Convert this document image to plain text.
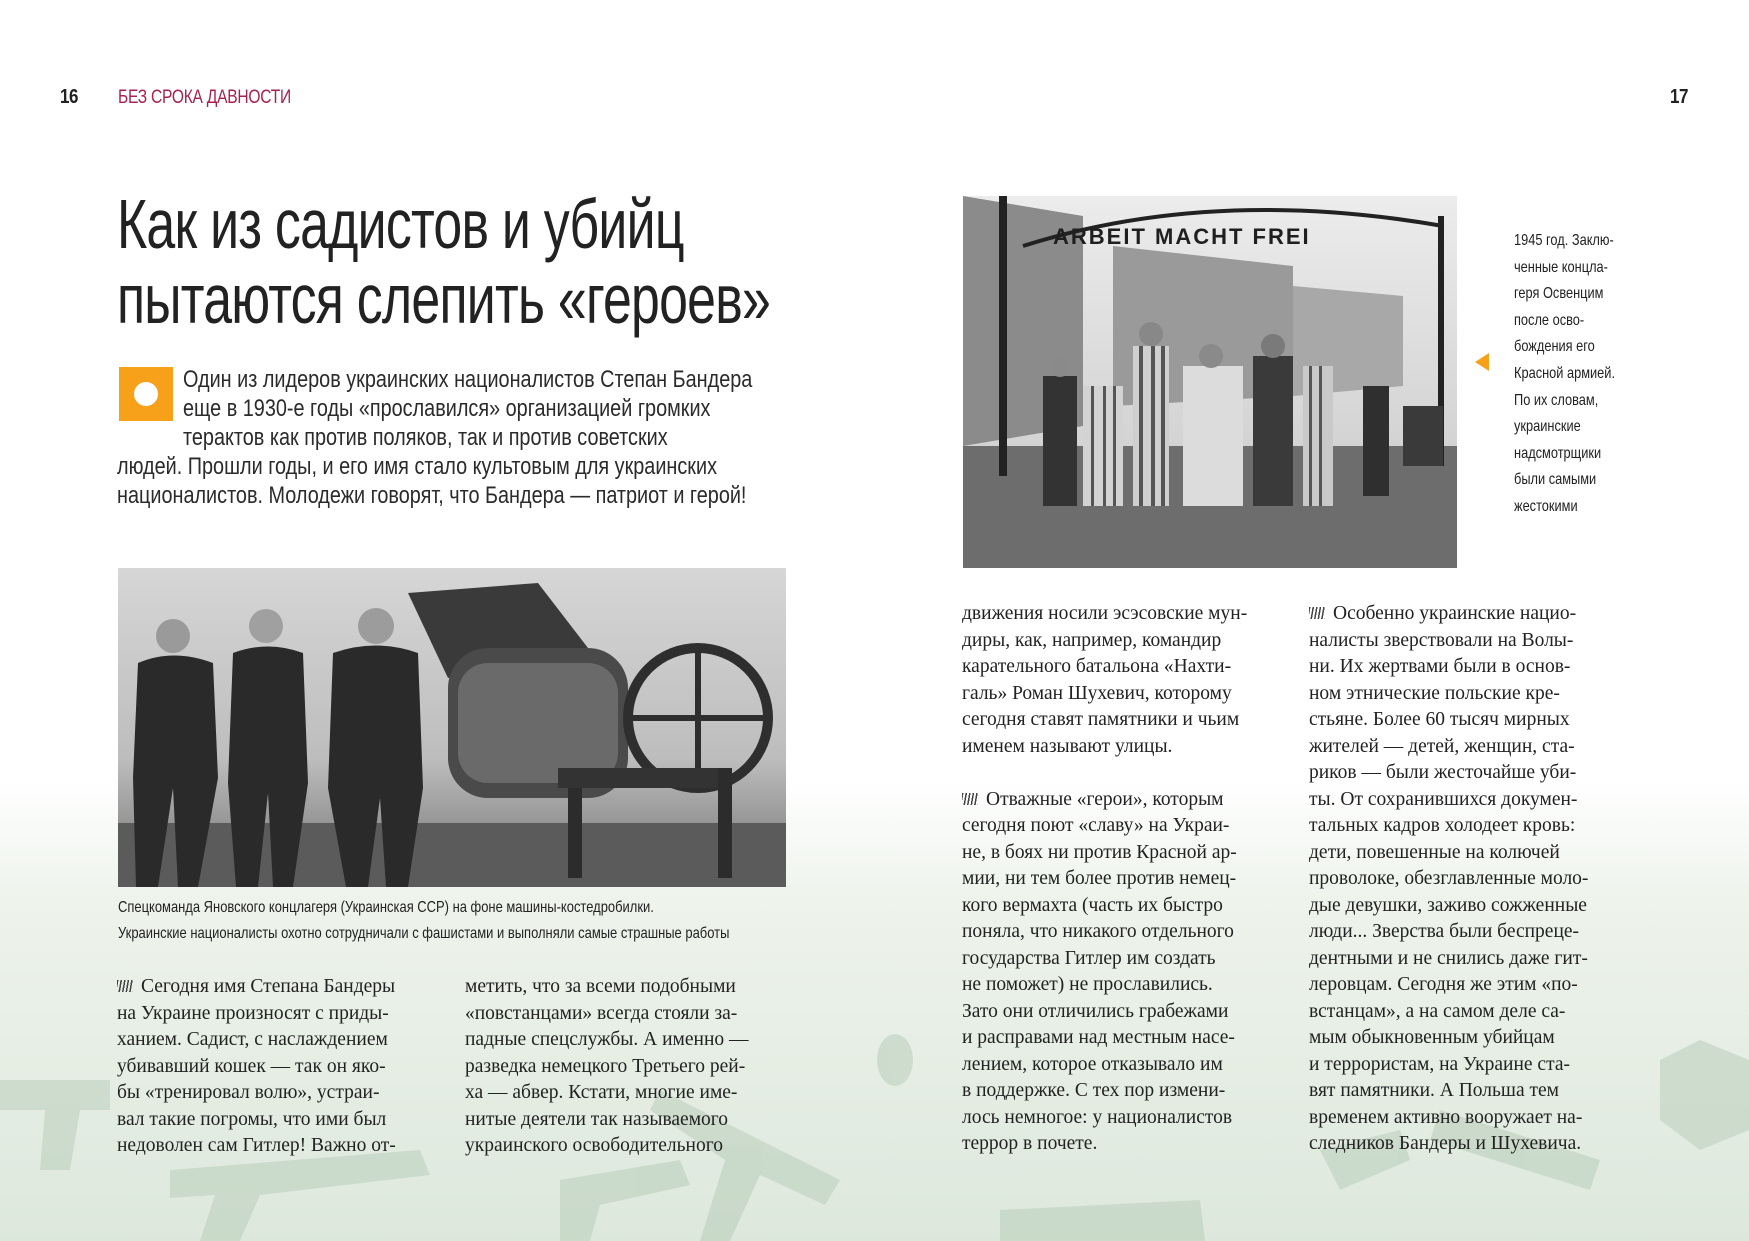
16 БЕЗ СРОКА ДАВНОСТИ	17
Как из садистов и убийц
пытаются слепить «героев»
Один из лидеров украинских националистов Степан Бандера
еще в 1930-е годы «прославился» организацией громких
терактов как против поляков, так и против советских
людей. Прошли годы, и его имя стало культовым для украинских
националистов. Молодежи говорят, что Бандера — патриот и герой!
Спецкоманда Яновского концлагеря (Украинская ССР) на фоне машины-костедробилки.
Украинские националисты охотно сотрудничали с фашистами и выполняли самые страшные работы
ARBEIT MACHT FREI	1945 год. Заклю-
ченные концла-
геря Освенцим
после осво-
бождения его
Красной армией.
По их словам,
украинские
надсмотрщики
были самыми
жестокими
Сегодня имя Степана Бандеры
на Украине произносят с приды-
ханием. Садист, с наслаждением
убивавший кошек — так он яко-
бы «тренировал волю», устраи-
вал такие погромы, что ими был
недоволен сам Гитлер! Важно от-
метить, что за всеми подобными
«повстанцами» всегда стояли за-
падные спецслужбы. А именно —
разведка немецкого Третьего рей-
ха — абвер. Кстати, многие име-
нитые деятели так называемого
украинского освободительного
движения носили эсэсовские мун-
диры, как, например, командир
карательного батальона «Нахти-
галь» Роман Шухевич, которому
сегодня ставят памятники и чьим
именем называют улицы.
Отважные «герои», которым
сегодня поют «славу» на Украи-
не, в боях ни против Красной ар-
мии, ни тем более против немец-
кого вермахта (часть их быстро
поняла, что никакого отдельного
государства Гитлер им создать
не поможет) не прославились.
Зато они отличились грабежами
и расправами над местным насе-
лением, которое отказывало им
в поддержке. С тех пор измени-
лось немногое: у националистов
террор в почете.
Особенно украинские нацио-
налисты зверствовали на Волы-
ни. Их жертвами были в основ-
ном этнические польские кре-
стьяне. Более 60 тысяч мирных
жителей — детей, женщин, ста-
риков — были жесточайше уби-
ты. От сохранившихся докумен-
тальных кадров холодеет кровь:
дети, повешенные на колючей
проволоке, обезглавленные моло-
дые девушки, заживо сожженные
люди... Зверства были беспреце-
дентными и не снились даже гит-
леровцам. Сегодня же этим «по-
встанцам», а на самом деле са-
мым обыкновенным убийцам
и террористам, на Украине ста-
вят памятники. А Польша тем
временем активно вооружает на-
следников Бандеры и Шухевича.
